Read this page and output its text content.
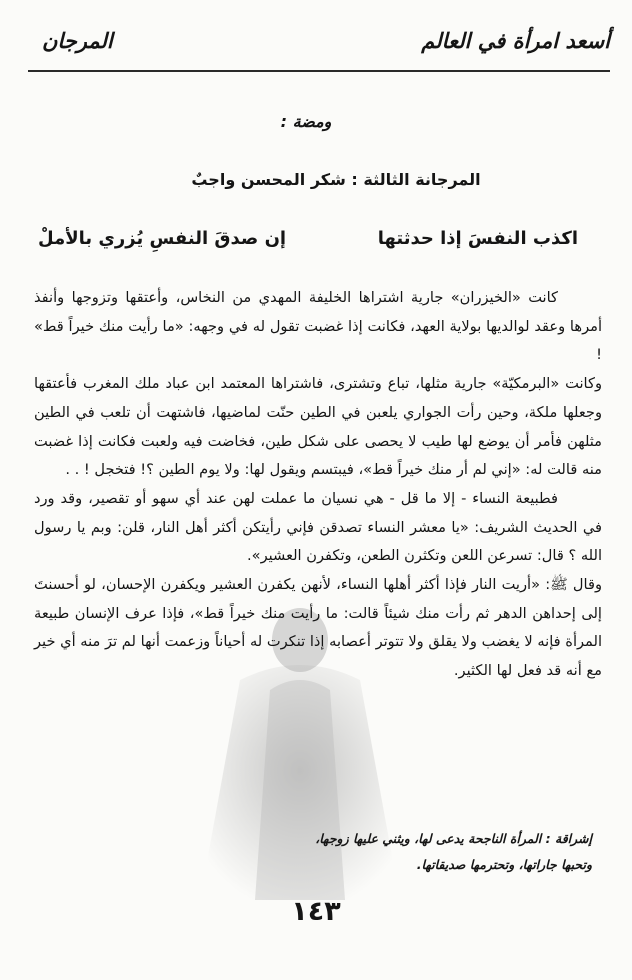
أسعد امرأة في العالم
المرجان
ومضة :
المرجانة الثالثة : شكر المحسن واجبٌ
اكذب النفسَ إذا حدثتها
إن صدقَ النفسِ يُزري بالأملْ

كانت «الخيزران» جارية اشتراها الخليفة المهدي من النخاس، وأعتقها وتزوجها وأنفذ أمرها وعقد لوالديها بولاية العهد، فكانت إذا غضبت تقول له في وجهه: «ما رأيت منك خيراً قط» !

وكانت «البرمكيّة» جارية مثلها، تباع وتشترى، فاشتراها المعتمد ابن عباد ملك المغرب فأعتقها وجعلها ملكة، وحين رأت الجواري يلعبن في الطين حنّت لماضيها، فاشتهت أن تلعب في الطين مثلهن فأمر أن يوضع لها طيب لا يحصى على شكل طين، فخاضت فيه ولعبت فكانت إذا غضبت منه قالت له: «إني لم أر منك خيراً قط»، فيبتسم ويقول لها: ولا يوم الطين ؟! فتخجل ! . .

فطبيعة النساء - إلا ما قل - هي نسيان ما عملت لهن عند أي سهو أو تقصير، وقد ورد في الحديث الشريف: «يا معشر النساء تصدقن فإني رأيتكن أكثر أهل النار، قلن: وبم يا رسول الله ؟ قال: تسرعن اللعن وتكثرن الطعن، وتكفرن العشير».

وقال ﷺ: «أريت النار فإذا أكثر أهلها النساء، لأنهن يكفرن العشير ويكفرن الإحسان، لو أحسنتَ إلى إحداهن الدهر ثم رأت منك شيئاً قالت: ما رأيت منك خيراً قط»، فإذا عرف الإنسان طبيعة المرأة فإنه لا يغضب ولا يقلق ولا تتوتر أعصابه إذا تنكرت له أحياناً وزعمت أنها لم ترَ منه أي خير مع أنه قد فعل لها الكثير.

إشراقة : المرأة الناجحة يدعى لها، ويثني عليها زوجها،

وتحبها جاراتها، وتحترمها صديقاتها.

١٤٣
